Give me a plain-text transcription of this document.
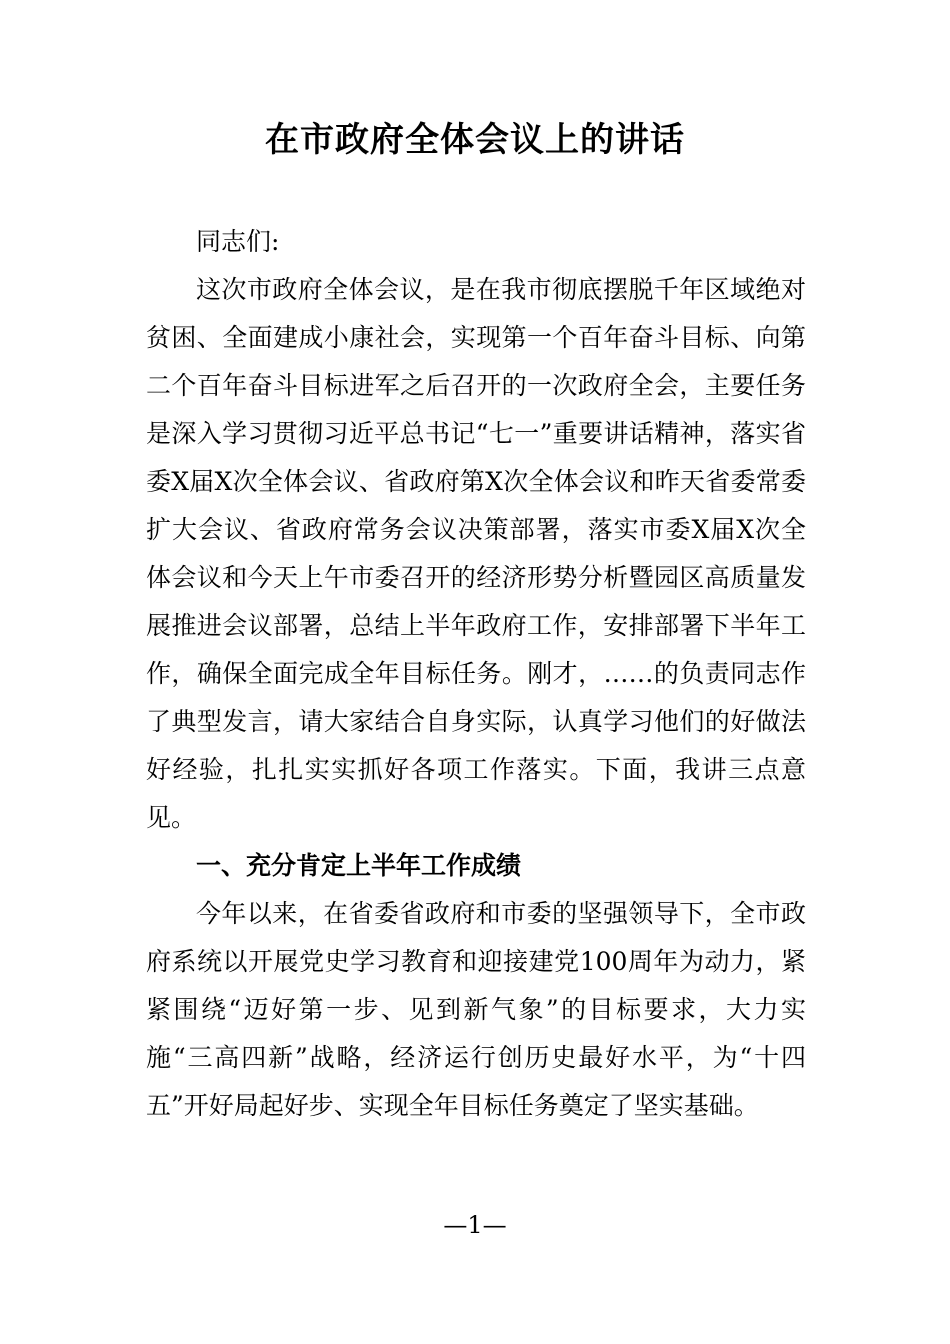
在市政府全体会议上的讲话

同志们:

这次市政府全体会议，是在我市彻底摆脱千年区域绝对贫困、全面建成小康社会，实现第一个百年奋斗目标、向第二个百年奋斗目标进军之后召开的一次政府全会，主要任务是深入学习贯彻习近平总书记“七一”重要讲话精神，落实省委X届X次全体会议、省政府第X次全体会议和昨天省委常委扩大会议、省政府常务会议决策部署，落实市委X届X次全体会议和今天上午市委召开的经济形势分析暨园区高质量发展推进会议部署，总结上半年政府工作，安排部署下半年工作，确保全面完成全年目标任务。刚才，……的负责同志作了典型发言，请大家结合自身实际，认真学习他们的好做法好经验，扎扎实实抓好各项工作落实。下面，我讲三点意见。

一、充分肯定上半年工作成绩

今年以来，在省委省政府和市委的坚强领导下，全市政府系统以开展党史学习教育和迎接建党100周年为动力，紧紧围绕“迈好第一步、见到新气象”的目标要求，大力实施“三高四新”战略，经济运行创历史最好水平，为“十四五”开好局起好步、实现全年目标任务奠定了坚实基础。

—1—
